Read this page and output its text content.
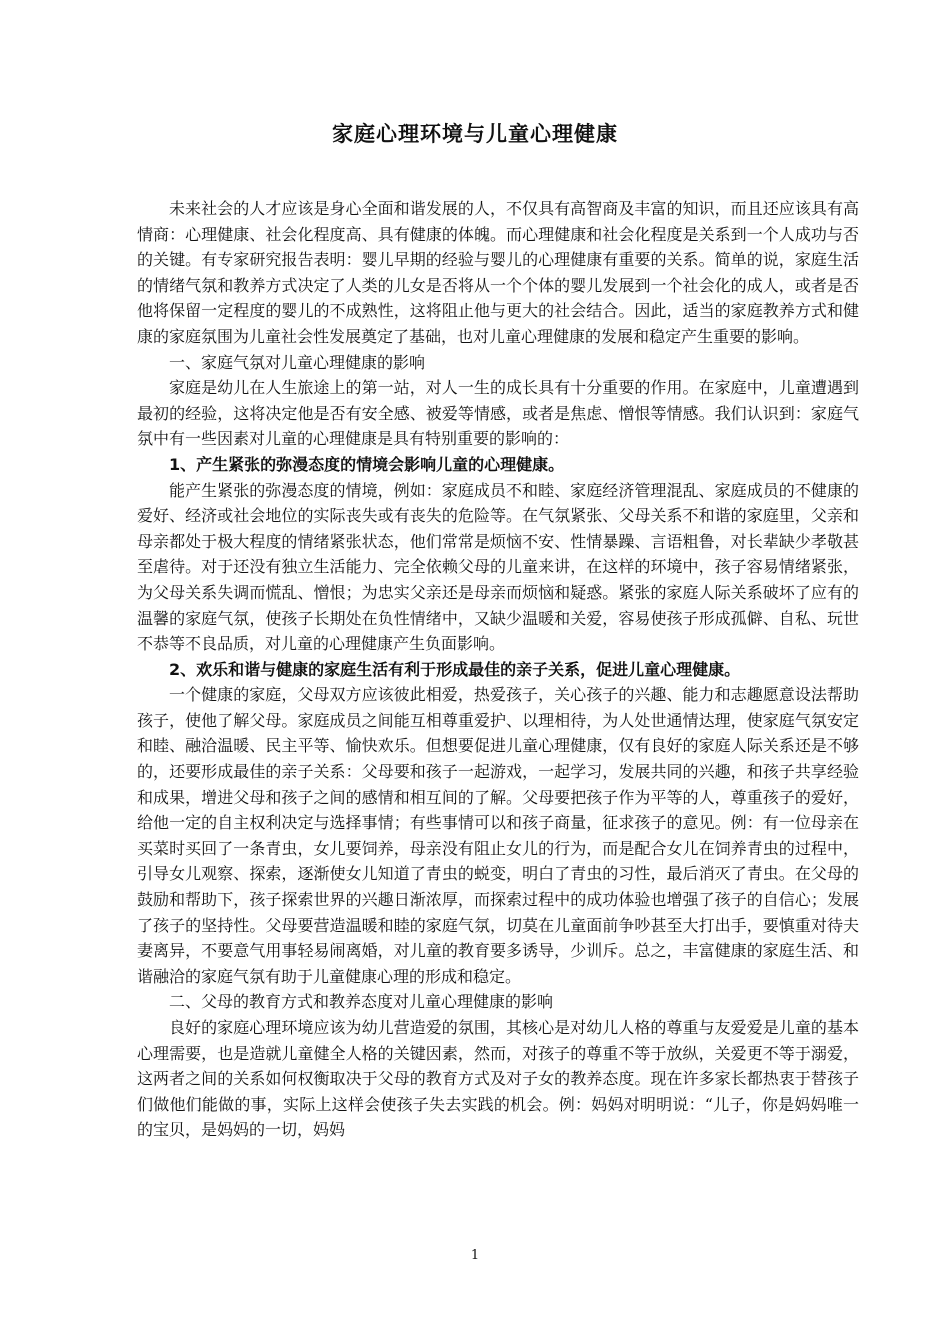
家庭心理环境与儿童心理健康

未来社会的人才应该是身心全面和谐发展的人，不仅具有高智商及丰富的知识，而且还应该具有高情商：心理健康、社会化程度高、具有健康的体魄。而心理健康和社会化程度是关系到一个人成功与否的关键。有专家研究报告表明：婴儿早期的经验与婴儿的心理健康有重要的关系。简单的说，家庭生活的情绪气氛和教养方式决定了人类的儿女是否将从一个个体的婴儿发展到一个社会化的成人，或者是否他将保留一定程度的婴儿的不成熟性，这将阻止他与更大的社会结合。因此，适当的家庭教养方式和健康的家庭氛围为儿童社会性发展奠定了基础，也对儿童心理健康的发展和稳定产生重要的影响。

一、家庭气氛对儿童心理健康的影响

家庭是幼儿在人生旅途上的第一站，对人一生的成长具有十分重要的作用。在家庭中，儿童遭遇到最初的经验，这将决定他是否有安全感、被爱等情感，或者是焦虑、憎恨等情感。我们认识到：家庭气氛中有一些因素对儿童的心理健康是具有特别重要的影响的：

1、产生紧张的弥漫态度的情境会影响儿童的心理健康。

能产生紧张的弥漫态度的情境，例如：家庭成员不和睦、家庭经济管理混乱、家庭成员的不健康的爱好、经济或社会地位的实际丧失或有丧失的危险等。在气氛紧张、父母关系不和谐的家庭里，父亲和母亲都处于极大程度的情绪紧张状态，他们常常是烦恼不安、性情暴躁、言语粗鲁，对长辈缺少孝敬甚至虐待。对于还没有独立生活能力、完全依赖父母的儿童来讲，在这样的环境中，孩子容易情绪紧张，为父母关系失调而慌乱、憎恨；为忠实父亲还是母亲而烦恼和疑惑。紧张的家庭人际关系破坏了应有的温馨的家庭气氛，使孩子长期处在负性情绪中，又缺少温暖和关爱，容易使孩子形成孤僻、自私、玩世不恭等不良品质，对儿童的心理健康产生负面影响。

2、欢乐和谐与健康的家庭生活有利于形成最佳的亲子关系，促进儿童心理健康。

一个健康的家庭，父母双方应该彼此相爱，热爱孩子，关心孩子的兴趣、能力和志趣愿意设法帮助孩子，使他了解父母。家庭成员之间能互相尊重爱护、以理相待，为人处世通情达理，使家庭气氛安定和睦、融洽温暖、民主平等、愉快欢乐。但想要促进儿童心理健康，仅有良好的家庭人际关系还是不够的，还要形成最佳的亲子关系：父母要和孩子一起游戏，一起学习，发展共同的兴趣，和孩子共享经验和成果，增进父母和孩子之间的感情和相互间的了解。父母要把孩子作为平等的人，尊重孩子的爱好，给他一定的自主权利决定与选择事情；有些事情可以和孩子商量，征求孩子的意见。例：有一位母亲在买菜时买回了一条青虫，女儿要饲养，母亲没有阻止女儿的行为，而是配合女儿在饲养青虫的过程中，引导女儿观察、探索，逐渐使女儿知道了青虫的蜕变，明白了青虫的习性，最后消灭了青虫。在父母的鼓励和帮助下，孩子探索世界的兴趣日渐浓厚，而探索过程中的成功体验也增强了孩子的自信心；发展了孩子的坚持性。父母要营造温暖和睦的家庭气氛，切莫在儿童面前争吵甚至大打出手，要慎重对待夫妻离异，不要意气用事轻易闹离婚，对儿童的教育要多诱导，少训斥。总之，丰富健康的家庭生活、和谐融洽的家庭气氛有助于儿童健康心理的形成和稳定。

二、父母的教育方式和教养态度对儿童心理健康的影响

良好的家庭心理环境应该为幼儿营造爱的氛围，其核心是对幼儿人格的尊重与友爱爱是儿童的基本心理需要，也是造就儿童健全人格的关键因素，然而，对孩子的尊重不等于放纵，关爱更不等于溺爱，这两者之间的关系如何权衡取决于父母的教育方式及对子女的教养态度。现在许多家长都热衷于替孩子们做他们能做的事，实际上这样会使孩子失去实践的机会。例：妈妈对明明说：“儿子，你是妈妈唯一的宝贝，是妈妈的一切，妈妈

1
